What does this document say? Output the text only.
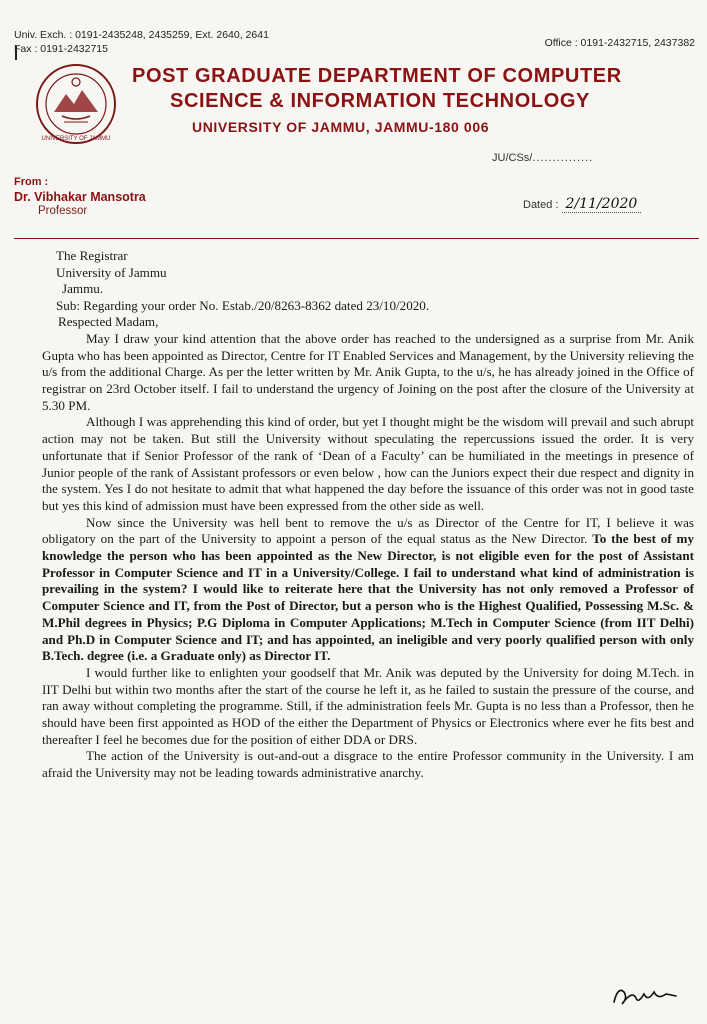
Univ. Exch. : 0191-2435248, 2435259, Ext. 2640, 2641
Fax : 0191-2432715	Office : 0191-2432715, 2437382
UNIVERSITY OF JAMMU
POST GRADUATE DEPARTMENT OF COMPUTER
SCIENCE & INFORMATION TECHNOLOGY
UNIVERSITY OF JAMMU, JAMMU-180 006
JU/CSs/...............
From :
Dr. Vibhakar Mansotra
Professor	Dated : 2/11/2020
The Registrar
University of Jammu
Jammu.
Sub: Regarding your order No. Estab./20/8263-8362 dated 23/10/2020.
Respected Madam,

May I draw your kind attention that the above order has reached to the undersigned as a surprise from Mr. Anik Gupta who has been appointed as Director, Centre for IT Enabled Services and Management, by the University relieving the u/s from the additional Charge. As per the letter written by Mr. Anik Gupta, to the u/s, he has already joined in the Office of registrar on 23rd October itself. I fail to understand the urgency of Joining on the post after the closure of the University at 5.30 PM.

Although I was apprehending this kind of order, but yet I thought might be the wisdom will prevail and such abrupt action may not be taken. But still the University without speculating the repercussions issued the order. It is very unfortunate that if Senior Professor of the rank of ‘Dean of a Faculty’ can be humiliated in the meetings in presence of Junior people of the rank of Assistant professors or even below , how can the Juniors expect their due respect and dignity in the system. Yes I do not hesitate to admit that what happened the day before the issuance of this order was not in good taste but yes this kind of admission must have been expressed from the other side as well.

Now since the University was hell bent to remove the u/s as Director of the Centre for IT, I believe it was obligatory on the part of the University to appoint a person of the equal status as the New Director. To the best of my knowledge the person who has been appointed as the New Director, is not eligible even for the post of Assistant Professor in Computer Science and IT in a University/College. I fail to understand what kind of administration is prevailing in the system? I would like to reiterate here that the University has not only removed a Professor of Computer Science and IT, from the Post of Director, but a person who is the Highest Qualified, Possessing M.Sc. & M.Phil degrees in Physics; P.G Diploma in Computer Applications; M.Tech in Computer Science (from IIT Delhi) and Ph.D in Computer Science and IT; and has appointed, an ineligible and very poorly qualified person with only B.Tech. degree (i.e. a Graduate only) as Director IT.

I would further like to enlighten your goodself that Mr. Anik was deputed by the University for doing M.Tech. in IIT Delhi but within two months after the start of the course he left it, as he failed to sustain the pressure of the course, and ran away without completing the programme. Still, if the administration feels Mr. Gupta is no less than a Professor, then he should have been first appointed as HOD of the either the Department of Physics or Electronics where ever he fits best and thereafter I feel he becomes due for the position of either DDA or DRS.

The action of the University is out-and-out a disgrace to the entire Professor community in the University. I am afraid the University may not be leading towards administrative anarchy.
